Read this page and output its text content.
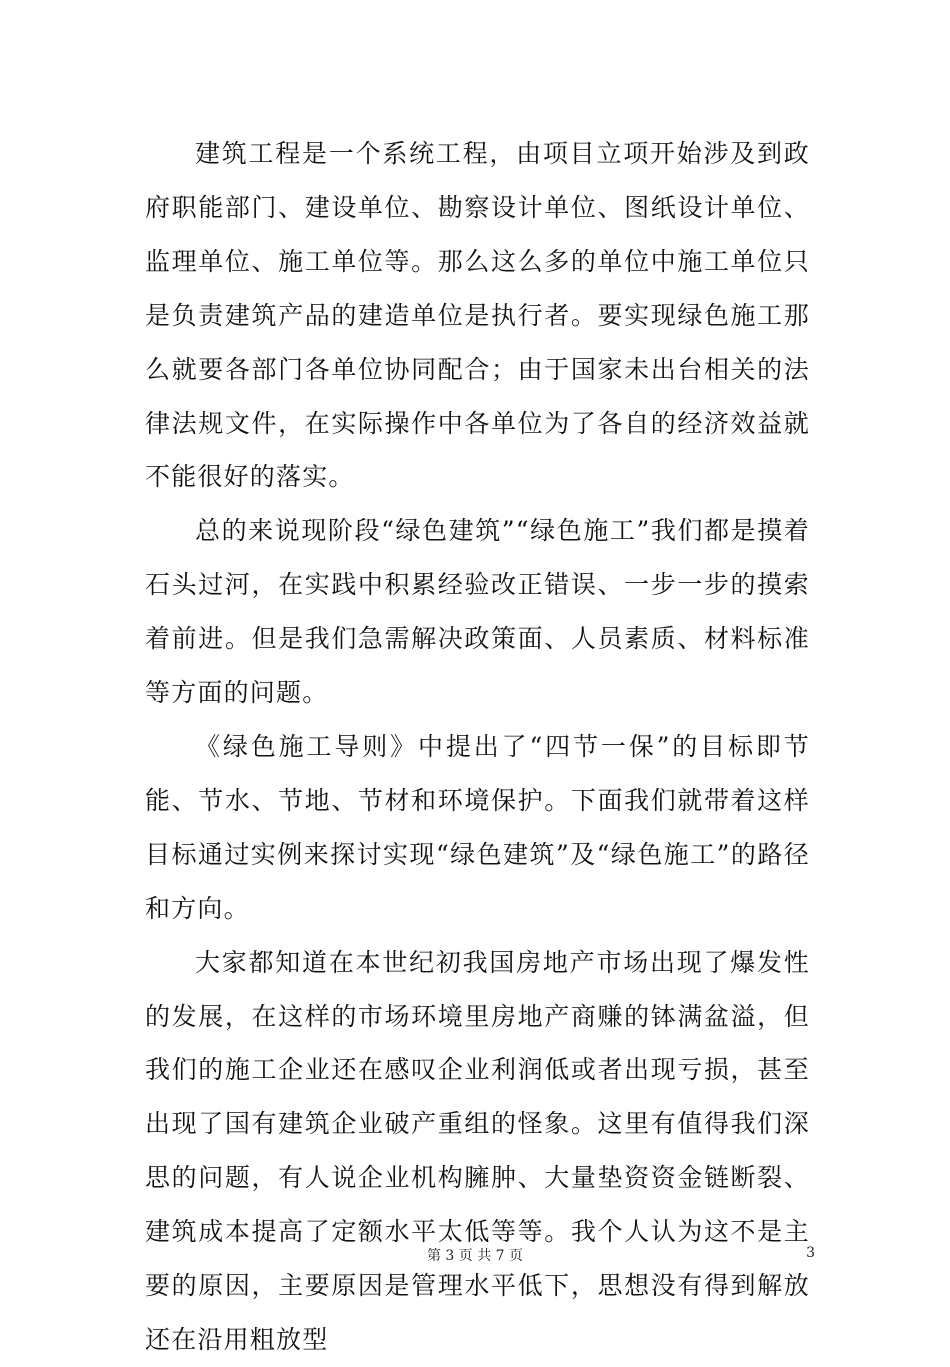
建筑工程是一个系统工程，由项目立项开始涉及到政府职能部门、建设单位、勘察设计单位、图纸设计单位、监理单位、施工单位等。那么这么多的单位中施工单位只是负责建筑产品的建造单位是执行者。要实现绿色施工那么就要各部门各单位协同配合；由于国家未出台相关的法律法规文件，在实际操作中各单位为了各自的经济效益就不能很好的落实。

总的来说现阶段“绿色建筑”“绿色施工”我们都是摸着石头过河，在实践中积累经验改正错误、一步一步的摸索着前进。但是我们急需解决政策面、人员素质、材料标准等方面的问题。

《绿色施工导则》中提出了“四节一保”的目标即节能、节水、节地、节材和环境保护。下面我们就带着这样目标通过实例来探讨实现“绿色建筑”及“绿色施工”的路径和方向。

大家都知道在本世纪初我国房地产市场出现了爆发性的发展，在这样的市场环境里房地产商赚的钵满盆溢，但我们的施工企业还在感叹企业利润低或者出现亏损，甚至出现了国有建筑企业破产重组的怪象。这里有值得我们深思的问题，有人说企业机构臃肿、大量垫资资金链断裂、建筑成本提高了定额水平太低等等。我个人认为这不是主要的原因，主要原因是管理水平低下，思想没有得到解放还在沿用粗放型

第 3 页 共 7 页	3
